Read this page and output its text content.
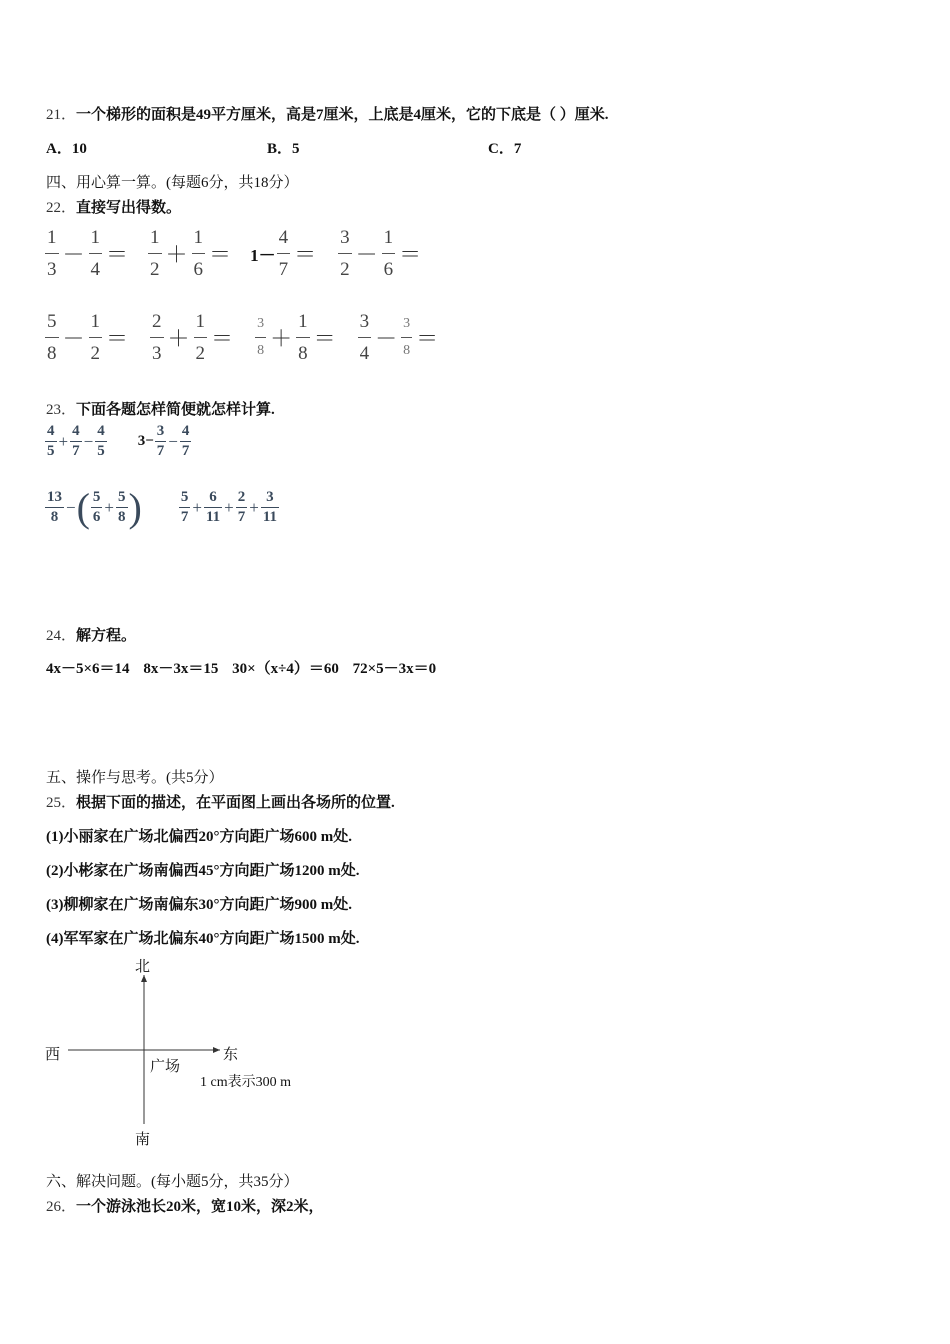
21．一个梯形的面积是49平方厘米，高是7厘米，上底是4厘米，它的下底是（ ）厘米.
A．10	B．5	C．7
四、用心算一算。(每题6分，共18分）
22．直接写出得数。
$\frac{1}{3} - \frac{1}{4} = \frac{1}{2} + \frac{1}{6} = 1- \frac{4}{7} = \frac{3}{2} - \frac{1}{6}$ ＝
$\frac{5}{8} - \frac{1}{2} = \frac{2}{3} + \frac{1}{2} = \frac{3}{8} + \frac{1}{8} = \frac{3}{4} - \frac{3}{8}$ ＝
23．下面各题怎样简便就怎样计算.
$\frac{4}{5} + \frac{4}{7} - \frac{4}{5} 3- \frac{3}{7} - \frac{4}{7}$
$\frac{13}{8}$ −( $\frac{5}{6} + \frac{5}{8}$ ) $\frac{5}{7} + \frac{6}{11} + \frac{2}{7} + \frac{3}{11}$
24．解方程。
4x－5×6＝14 8x－3x＝15 30×（x÷4）＝60 72×5－3x＝0
五、操作与思考。(共5分）
25．根据下面的描述，在平面图上画出各场所的位置.
(1)小丽家在广场北偏西20°方向距广场600 m处.
(2)小彬家在广场南偏西45°方向距广场1200 m处.
(3)柳柳家在广场南偏东30°方向距广场900 m处.
(4)军军家在广场北偏东40°方向距广场1500 m处.
北
西	东
广场
1 cm表示300 m
南
六、解决问题。(每小题5分，共35分）
26．一个游泳池长20米，宽10米，深2米，
